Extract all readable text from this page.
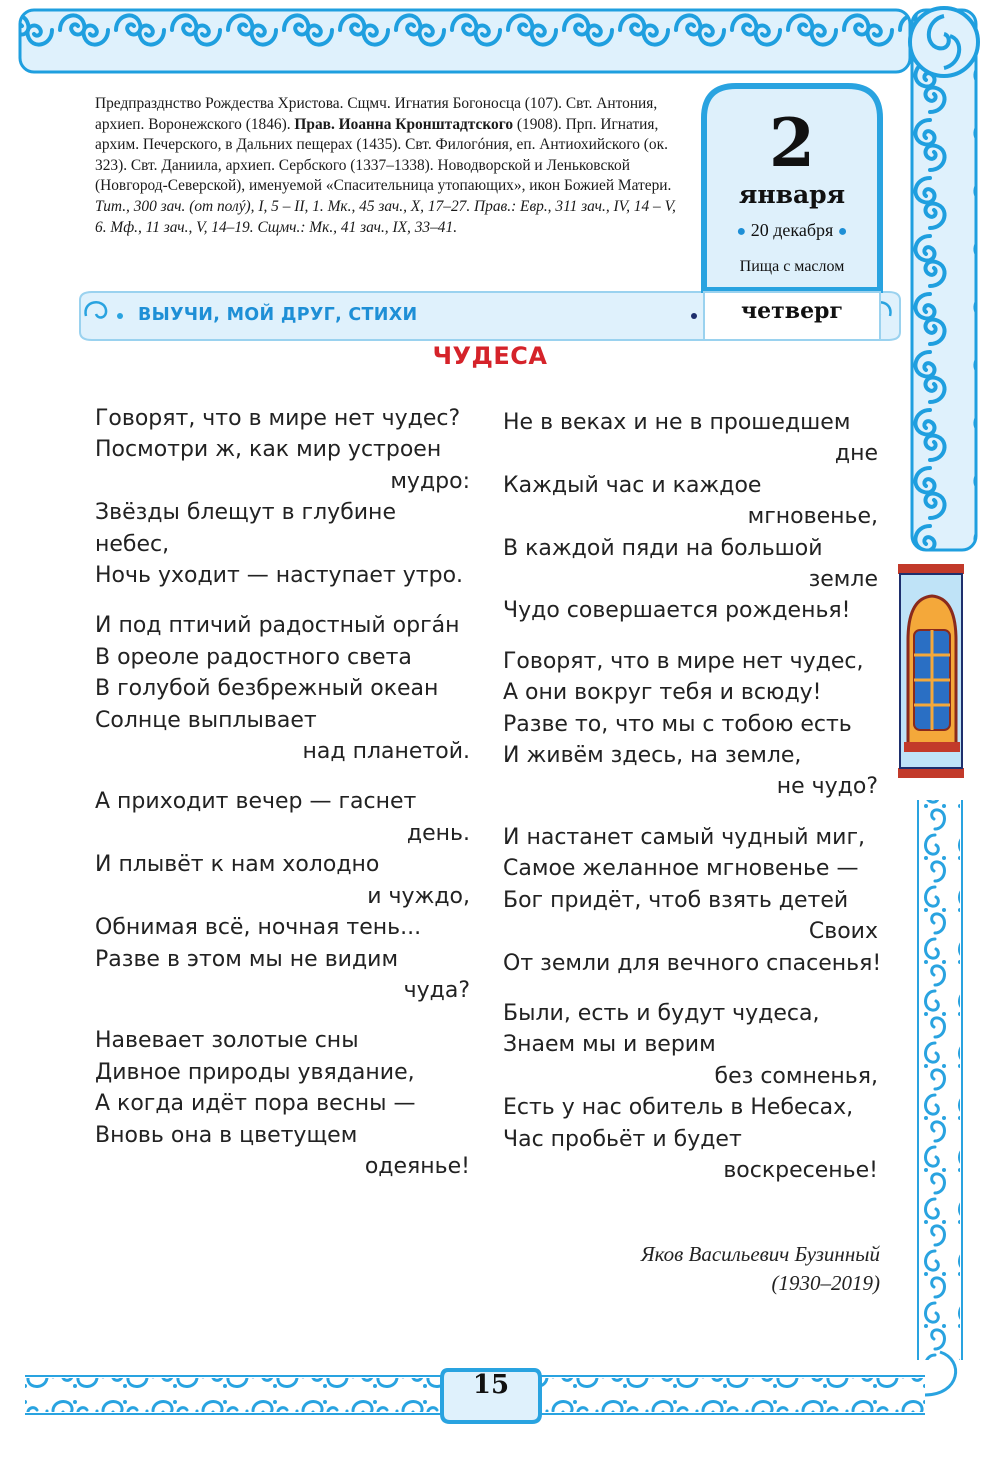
Предпразднство Рождества Христова. Сщмч. Игнатия Богоносца (107). Свт. Антония, архиеп. Воронежского (1846). Прав. Иоанна Кронштадтского (1908). Прп. Игнатия, архим. Печерского, в Дальних пещерах (1435). Свт. Филогóния, еп. Антиохийского (ок. 323). Свт. Даниила, архиеп. Сербского (1337–1338). Новодворской и Леньковской (Новгород-Северской), именуемой «Спасительница утопающих», икон Божией Матери.
Тит., 300 зач. (от полý), I, 5 – II, 1. Мк., 45 зач., X, 17–27. Прав.: Евр., 311 зач., IV, 14 – V, 6. Мф., 11 зач., V, 14–19. Сщмч.: Мк., 41 зач., IX, 33–41.
2
января
● 20 декабря ●
Пища с маслом
четверг
ВЫУЧИ, МОЙ ДРУГ, СТИХИ
ЧУДЕСА
Говорят, что в мире нет чудес?
Посмотри ж, как мир устроен
мудро:
Звёзды блещут в глубине
небес,
Ночь уходит — наступает утро.
И под птичий радостный орга́н
В ореоле радостного света
В голубой безбрежный океан
Солнце выплывает
над планетой.
А приходит вечер — гаснет
день.
И плывёт к нам холодно
и чуждо,
Обнимая всё, ночная тень...
Разве в этом мы не видим
чуда?
Навевает золотые сны
Дивное природы увядание,
А когда идёт пора весны —
Вновь она в цветущем
одеянье!
Не в веках и не в прошедшем
дне
Каждый час и каждое
мгновенье,
В каждой пяди на большой
земле
Чудо совершается рожденья!
Говорят, что в мире нет чудес,
А они вокруг тебя и всюду!
Разве то, что мы с тобою есть
И живём здесь, на земле,
не чудо?
И настанет самый чудный миг,
Самое желанное мгновенье —
Бог придёт, чтоб взять детей
Своих
От земли для вечного спасенья!
Были, есть и будут чудеса,
Знаем мы и верим
без сомненья,
Есть у нас обитель в Небесах,
Час пробьёт и будет
воскресенье!
Яков Васильевич Бузинный
(1930–2019)
15
